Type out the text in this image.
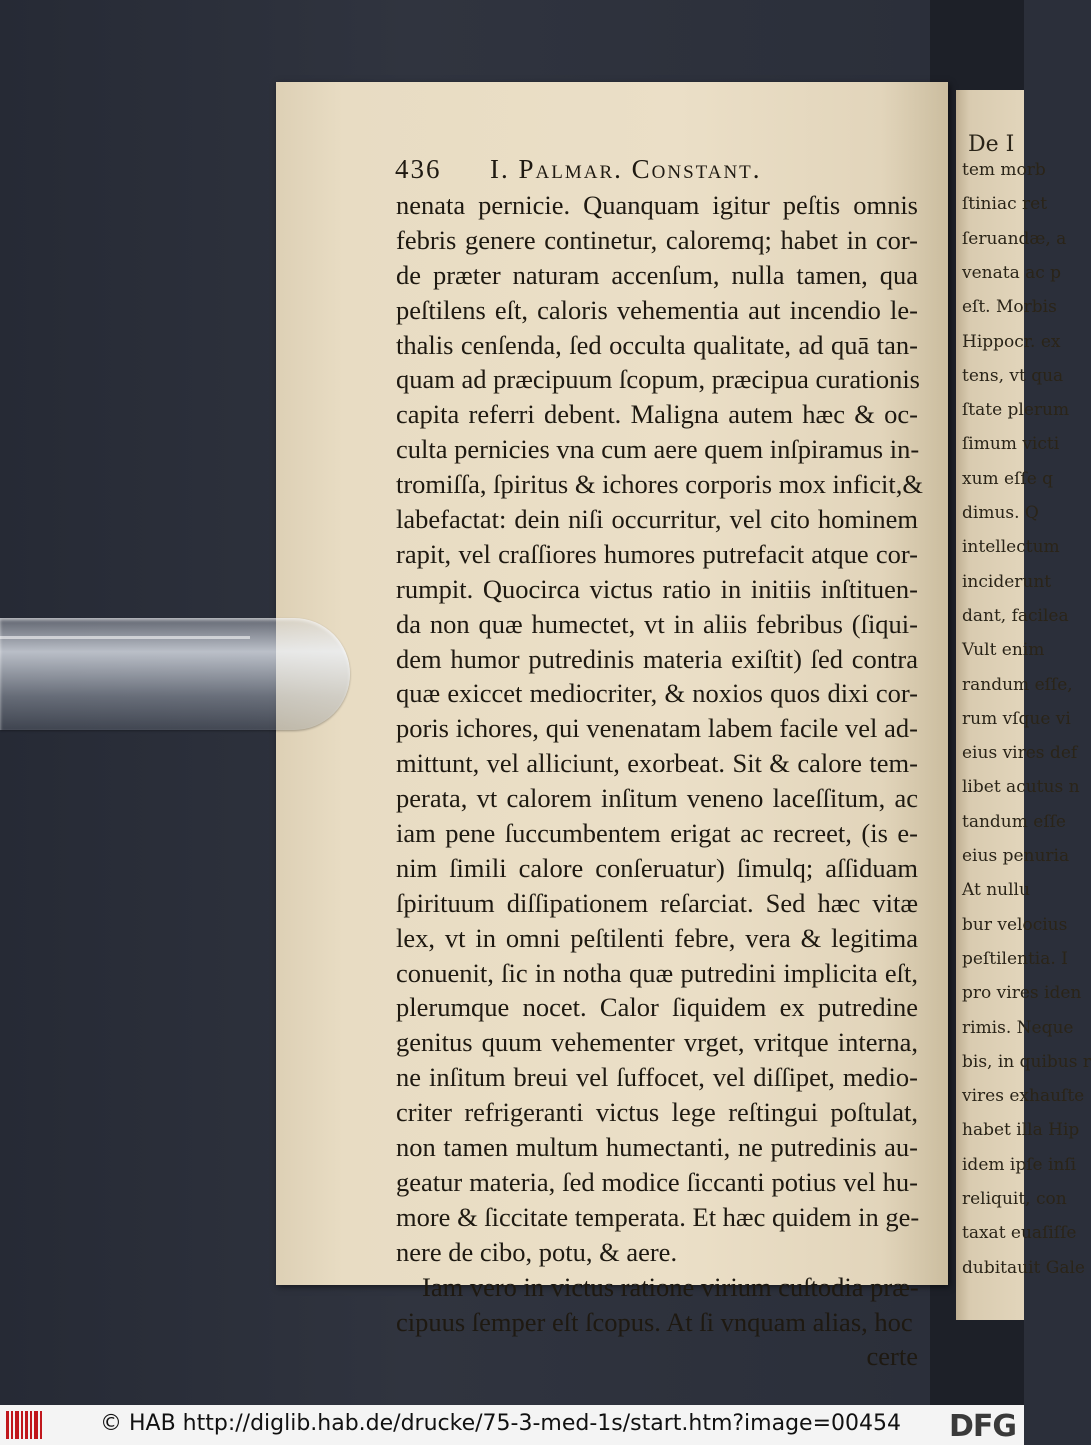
De I
tem morb
ſtiniac ret
ſeruandæ, a
venata ac p
eſt. Morbis
Hippocr. ex
tens, vt qua
ſtate plerum
ſimum victi
xum eſſe q
dimus. Q
intellectum
inciderunt
dant, facilea
Vult enim
randum eſſe,
rum vſque vi
eius vires def
libet acutus n
tandum eſſe
eius penuria
At nullu
bur velocius
peſtilentia. I
pro vires iden
rimis. Neque
bis, in quibus r
vires exhauſte
habet illa Hip
idem ipſe inſi
reliquit, con
taxat euaſiſſe
dubitauit Gale
436 I. Palmar. Constant.
nenata pernicie. Quanquam igitur peſtis omnis
febris genere continetur, caloremq; habet in cor-
de præter naturam accenſum, nulla tamen, qua
peſtilens eſt, caloris vehementia aut incendio le-
thalis cenſenda, ſed occulta qualitate, ad quā tan-
quam ad præcipuum ſcopum, præcipua curationis
capita referri debent. Maligna autem hæc & oc-
culta pernicies vna cum aere quem inſpiramus in-
tromiſſa, ſpiritus & ichores corporis mox inficit,&
labefactat: dein niſi occurritur, vel cito hominem
rapit, vel craſſiores humores putrefacit atque cor-
rumpit. Quocirca victus ratio in initiis inſtituen-
da non quæ humectet, vt in aliis febribus (ſiqui-
dem humor putredinis materia exiſtit) ſed contra
quæ exiccet mediocriter, & noxios quos dixi cor-
poris ichores, qui venenatam labem facile vel ad-
mittunt, vel alliciunt, exorbeat. Sit & calore tem-
perata, vt calorem inſitum veneno laceſſitum, ac
iam pene ſuccumbentem erigat ac recreet, (is e-
nim ſimili calore conſeruatur) ſimulq; aſſiduam
ſpirituum diſſipationem reſarciat. Sed hæc vitæ
lex, vt in omni peſtilenti febre, vera & legitima
conuenit, ſic in notha quæ putredini implicita eſt,
plerumque nocet. Calor ſiquidem ex putredine
genitus quum vehementer vrget, vritque interna,
ne inſitum breui vel ſuffocet, vel diſſipet, medio-
criter refrigeranti victus lege reſtingui poſtulat,
non tamen multum humectanti, ne putredinis au-
geatur materia, ſed modice ſiccanti potius vel hu-
more & ſiccitate temperata. Et hæc quidem in ge-
nere de cibo, potu, & aere.
Iam vero in victus ratione virium cuſtodia præ-
cipuus ſemper eſt ſcopus. At ſi vnquam alias, hoc
certe
© HAB http://diglib.hab.de/drucke/75-3-med-1s/start.htm?image=00454 DFG
